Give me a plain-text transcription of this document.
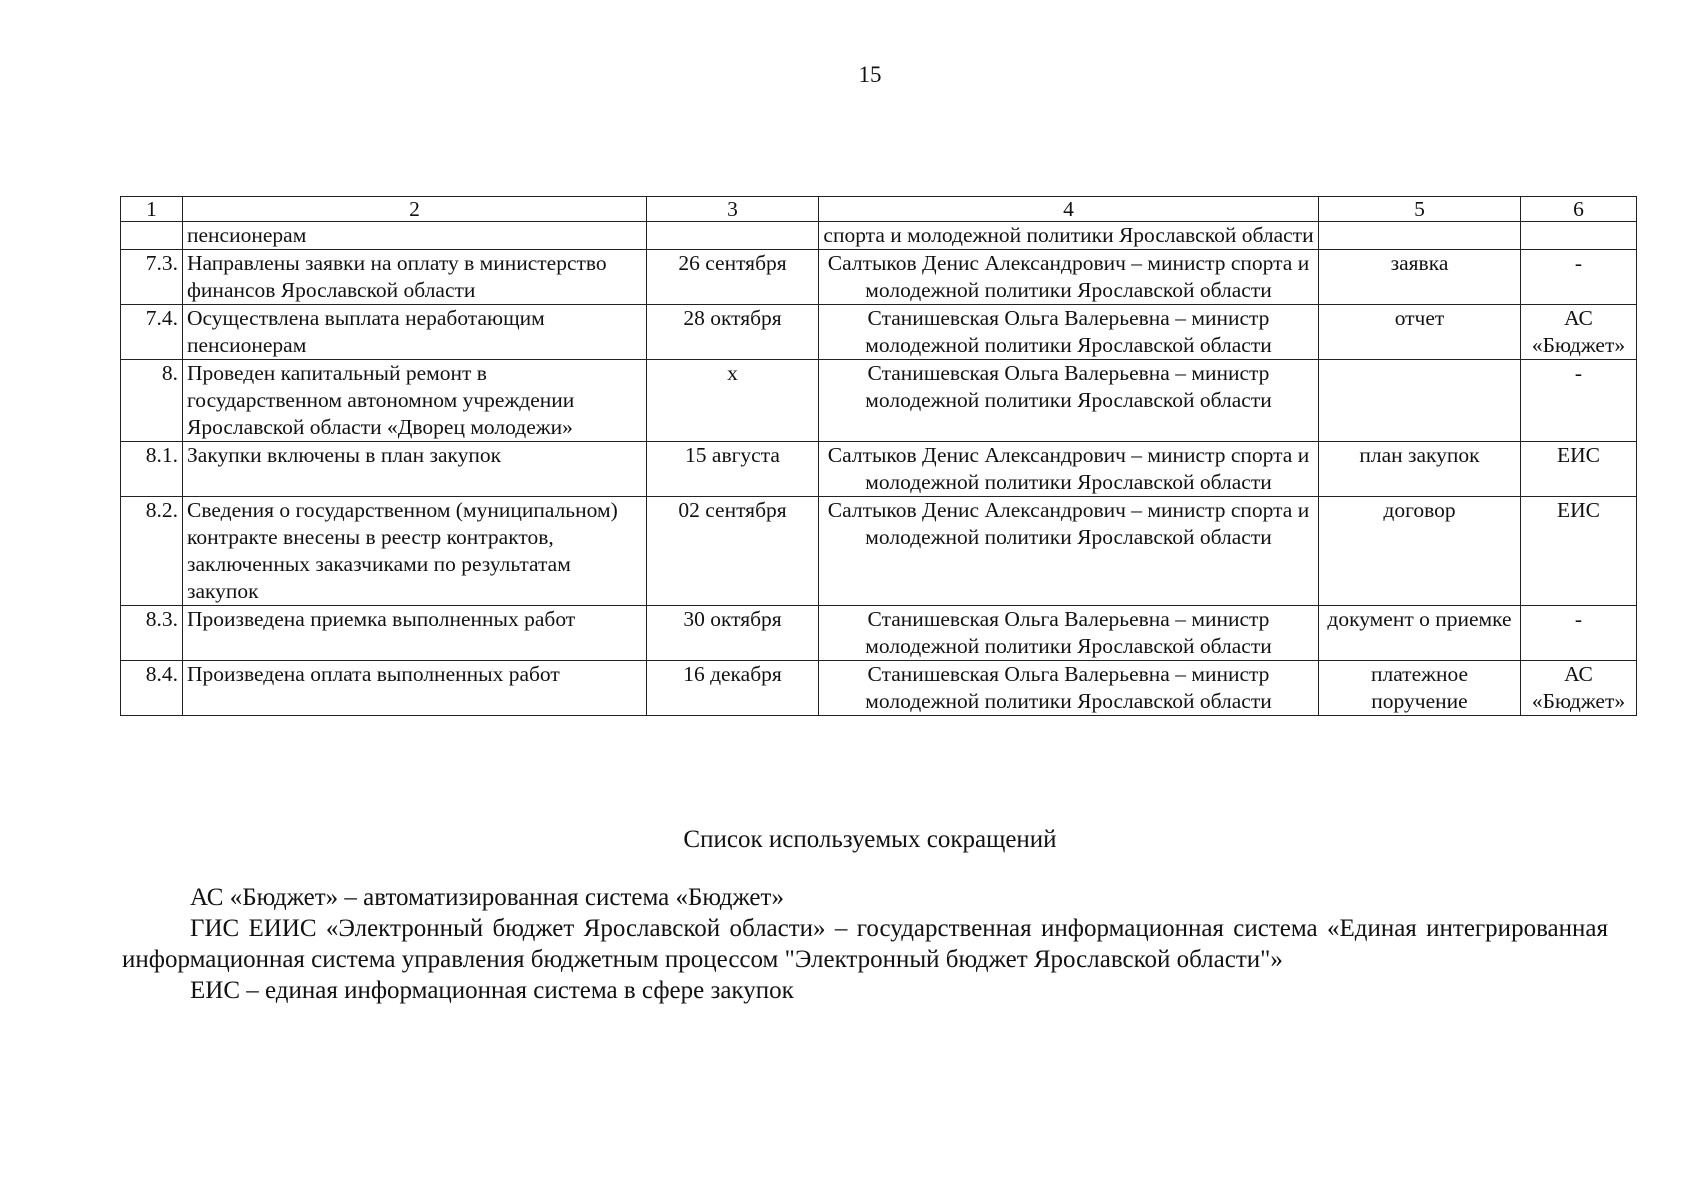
15
1	2	3	4	5	6
	пенсионерам		спорта и молодежной политики Ярославской области		
7.3.	Направлены заявки на оплату в министерство финансов Ярославской области	26 сентября	Салтыков Денис Александрович – министр спорта и молодежной политики Ярославской области	заявка	-
7.4.	Осуществлена выплата неработающим пенсионерам	28 октября	Станишевская Ольга Валерьевна – министр молодежной политики Ярославской области	отчет	АС «Бюджет»
8.	Проведен капитальный ремонт в государственном автономном учреждении Ярославской области «Дворец молодежи»	х	Станишевская Ольга Валерьевна – министр молодежной политики Ярославской области		-
8.1.	Закупки включены в план закупок	15 августа	Салтыков Денис Александрович – министр спорта и молодежной политики Ярославской области	план закупок	ЕИС
8.2.	Сведения о государственном (муниципальном) контракте внесены в реестр контрактов, заключенных заказчиками по результатам закупок	02 сентября	Салтыков Денис Александрович – министр спорта и молодежной политики Ярославской области	договор	ЕИС
8.3.	Произведена приемка выполненных работ	30 октября	Станишевская Ольга Валерьевна – министр молодежной политики Ярославской области	документ о приемке	-
8.4.	Произведена оплата выполненных работ	16 декабря	Станишевская Ольга Валерьевна – министр молодежной политики Ярославской области	платежное поручение	АС «Бюджет»
Список используемых сокращений

АС «Бюджет» – автоматизированная система «Бюджет»

ГИС ЕИИС «Электронный бюджет Ярославской области» – государственная информационная система «Единая интегрированная информационная система управления бюджетным процессом "Электронный бюджет Ярославской области"»

ЕИС – единая информационная система в сфере закупок
